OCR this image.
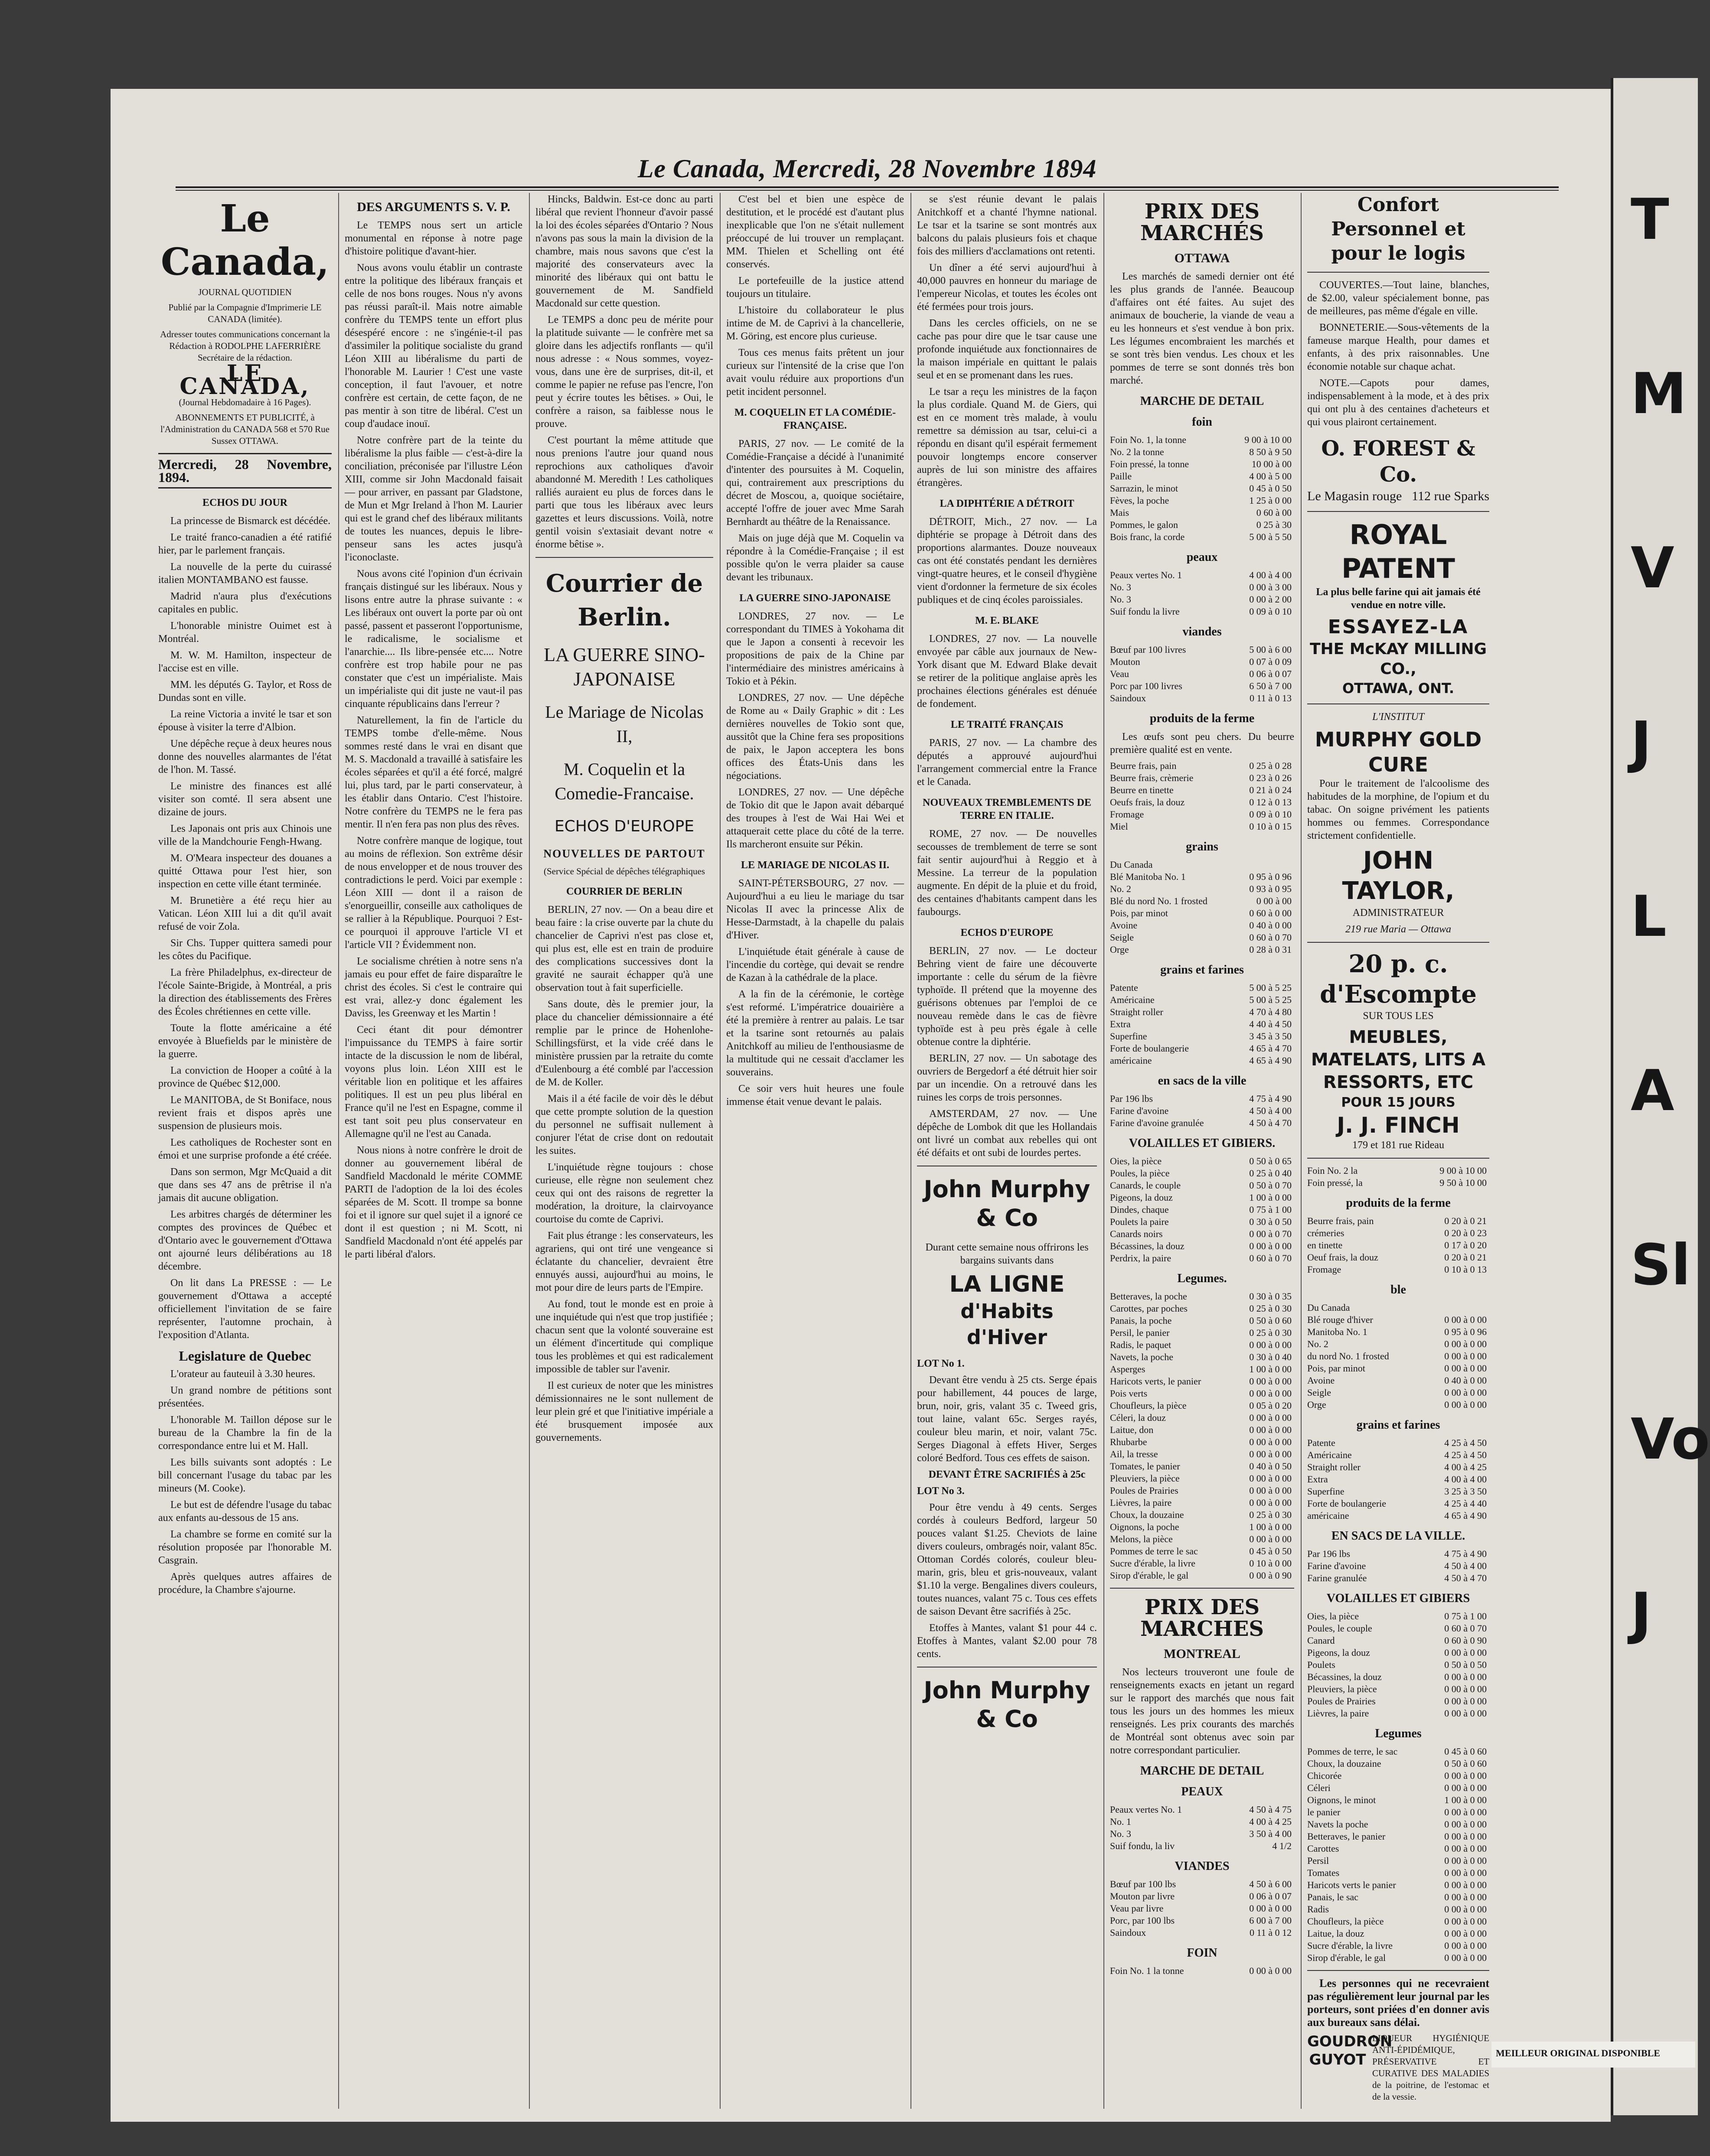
Le Canada, Mercredi, 28 Novembre 1894
Le Canada,

JOURNAL QUOTIDIEN

Publié par la Compagnie d'Imprimerie LE CANADA (limitée).

Adresser toutes communications concernant la Rédaction à RODOLPHE LAFERRIÈRE Secrétaire de la rédaction.

LE CANADA,

(Journal Hebdomadaire à 16 Pages).

ABONNEMENTS ET PUBLICITÉ, à l'Administration du CANADA 568 et 570 Rue Sussex OTTAWA.

Mercredi, 28 Novembre, 1894.
ECHOS DU JOUR

La princesse de Bismarck est décédée.

Le traité franco-canadien a été ratifié hier, par le parlement français.

La nouvelle de la perte du cuirassé italien MONTAMBANO est fausse.

Madrid n'aura plus d'exécutions capitales en public.

L'honorable ministre Ouimet est à Montréal.

M. W. M. Hamilton, inspecteur de l'accise est en ville.

MM. les députés G. Taylor, et Ross de Dundas sont en ville.

La reine Victoria a invité le tsar et son épouse à visiter la terre d'Albion.

Une dépêche reçue à deux heures nous donne des nouvelles alarmantes de l'état de l'hon. M. Tassé.

Le ministre des finances est allé visiter son comté. Il sera absent une dizaine de jours.

Les Japonais ont pris aux Chinois une ville de la Mandchourie Fengh-Hwang.

M. O'Meara inspecteur des douanes a quitté Ottawa pour l'est hier, son inspection en cette ville étant terminée.

M. Brunetière a été reçu hier au Vatican. Léon XIII lui a dit qu'il avait refusé de voir Zola.

Sir Chs. Tupper quittera samedi pour les côtes du Pacifique.

La frère Philadelphus, ex-directeur de l'école Sainte-Brigide, à Montréal, a pris la direction des établissements des Frères des Écoles chrétiennes en cette ville.

Toute la flotte américaine a été envoyée à Bluefields par le ministère de la guerre.

La conviction de Hooper a coûté à la province de Québec $12,000.

Le MANITOBA, de St Boniface, nous revient frais et dispos après une suspension de plusieurs mois.

Les catholiques de Rochester sont en émoi et une surprise profonde a été créée.

Dans son sermon, Mgr McQuaid a dit que dans ses 47 ans de prêtrise il n'a jamais dit aucune obligation.

Les arbitres chargés de déterminer les comptes des provinces de Québec et d'Ontario avec le gouvernement d'Ottawa ont ajourné leurs délibérations au 18 décembre.

On lit dans La PRESSE : — Le gouvernement d'Ottawa a accepté officiellement l'invitation de se faire représenter, l'automne prochain, à l'exposition d'Atlanta.

Legislature de Quebec

L'orateur au fauteuil à 3.30 heures.

Un grand nombre de pétitions sont présentées.

L'honorable M. Taillon dépose sur le bureau de la Chambre la fin de la correspondance entre lui et M. Hall.

Les bills suivants sont adoptés : Le bill concernant l'usage du tabac par les mineurs (M. Cooke).

Le but est de défendre l'usage du tabac aux enfants au-dessous de 15 ans.

La chambre se forme en comité sur la résolution proposée par l'honorable M. Casgrain.

Après quelques autres affaires de procédure, la Chambre s'ajourne.

DES ARGUMENTS S. V. P.

Le TEMPS nous sert un article monumental en réponse à notre page d'histoire politique d'avant-hier.

Nous avons voulu établir un contraste entre la politique des libéraux français et celle de nos bons rouges. Nous n'y avons pas réussi paraît-il. Mais notre aimable confrère du TEMPS tente un effort plus désespéré encore : ne s'ingénie-t-il pas d'assimiler la politique socialiste du grand Léon XIII au libéralisme du parti de l'honorable M. Laurier ! C'est une vaste conception, il faut l'avouer, et notre confrère est certain, de cette façon, de ne pas mentir à son titre de libéral. C'est un coup d'audace inouï.

Notre confrère part de la teinte du libéralisme la plus faible — c'est-à-dire la conciliation, préconisée par l'illustre Léon XIII, comme sir John Macdonald faisait — pour arriver, en passant par Gladstone, de Mun et Mgr Ireland à l'hon M. Laurier qui est le grand chef des libéraux militants de toutes les nuances, depuis le libre-penseur sans les actes jusqu'à l'iconoclaste.

Nous avons cité l'opinion d'un écrivain français distingué sur les libéraux. Nous y lisons entre autre la phrase suivante : « Les libéraux ont ouvert la porte par où ont passé, passent et passeront l'opportunisme, le radicalisme, le socialisme et l'anarchie.... Ils libre-pensée etc.... Notre confrère est trop habile pour ne pas constater que c'est un impérialiste. Mais un impérialiste qui dit juste ne vaut-il pas cinquante républicains dans l'erreur ?

Naturellement, la fin de l'article du TEMPS tombe d'elle-même. Nous sommes resté dans le vrai en disant que M. S. Macdonald a travaillé à satisfaire les écoles séparées et qu'il a été forcé, malgré lui, plus tard, par le parti conservateur, à les établir dans Ontario. C'est l'histoire. Notre confrère du TEMPS ne le fera pas mentir. Il n'en fera pas non plus des rêves.

Notre confrère manque de logique, tout au moins de réflexion. Son extrême désir de nous envelopper et de nous trouver des contradictions le perd. Voici par exemple : Léon XIII — dont il a raison de s'enorgueillir, conseille aux catholiques de se rallier à la République. Pourquoi ? Est-ce pourquoi il approuve l'article VI et l'article VII ? Évidemment non.

Le socialisme chrétien à notre sens n'a jamais eu pour effet de faire disparaître le christ des écoles. Si c'est le contraire qui est vrai, allez-y donc également les Daviss, les Greenway et les Martin !

Ceci étant dit pour démontrer l'impuissance du TEMPS à faire sortir intacte de la discussion le nom de libéral, voyons plus loin. Léon XIII est le véritable lion en politique et les affaires politiques. Il est un peu plus libéral en France qu'il ne l'est en Espagne, comme il est tant soit peu plus conservateur en Allemagne qu'il ne l'est au Canada.

Nous nions à notre confrère le droit de donner au gouvernement libéral de Sandfield Macdonald le mérite COMME PARTI de l'adoption de la loi des écoles séparées de M. Scott. Il trompe sa bonne foi et il ignore sur quel sujet il a ignoré ce dont il est question ; ni M. Scott, ni Sandfield Macdonald n'ont été appelés par le parti libéral d'alors.

Hincks, Baldwin. Est-ce donc au parti libéral que revient l'honneur d'avoir passé la loi des écoles séparées d'Ontario ? Nous n'avons pas sous la main la division de la chambre, mais nous savons que c'est la majorité des conservateurs avec la minorité des libéraux qui ont battu le gouvernement de M. Sandfield Macdonald sur cette question.

Le TEMPS a donc peu de mérite pour la platitude suivante — le confrère met sa gloire dans les adjectifs ronflants — qu'il nous adresse : « Nous sommes, voyez-vous, dans une ère de surprises, dit-il, et comme le papier ne refuse pas l'encre, l'on peut y écrire toutes les bêtises. » Oui, le confrère a raison, sa faiblesse nous le prouve.

C'est pourtant la même attitude que nous prenions l'autre jour quand nous reprochions aux catholiques d'avoir abandonné M. Meredith ! Les catholiques ralliés auraient eu plus de forces dans le parti que tous les libéraux avec leurs gazettes et leurs discussions. Voilà, notre gentil voisin s'extasiait devant notre « énorme bêtise ».

Courrier de Berlin.
LA GUERRE SINO-JAPONAISE
Le Mariage de Nicolas II,
M. Coquelin et la Comedie-Francaise.
ECHOS D'EUROPE
NOUVELLES DE PARTOUT

(Service Spécial de dépêches télégraphiques

COURRIER DE BERLIN

BERLIN, 27 nov. — On a beau dire et beau faire : la crise ouverte par la chute du chancelier de Caprivi n'est pas close et, qui plus est, elle est en train de produire des complications successives dont la gravité ne saurait échapper qu'à une observation tout à fait superficielle.

Sans doute, dès le premier jour, la place du chancelier démissionnaire a été remplie par le prince de Hohenlohe-Schillingsfürst, et la vide créé dans le ministère prussien par la retraite du comte d'Eulenbourg a été comblé par l'accession de M. de Koller.

Mais il a été facile de voir dès le début que cette prompte solution de la question du personnel ne suffisait nullement à conjurer l'état de crise dont on redoutait les suites.

L'inquiétude règne toujours : chose curieuse, elle règne non seulement chez ceux qui ont des raisons de regretter la modération, la droiture, la clairvoyance courtoise du comte de Caprivi.

Fait plus étrange : les conservateurs, les agrariens, qui ont tiré une vengeance si éclatante du chancelier, devraient être ennuyés aussi, aujourd'hui au moins, le mot pour dire de leurs parts de l'Empire.

Au fond, tout le monde est en proie à une inquiétude qui n'est que trop justifiée ; chacun sent que la volonté souveraine est un élément d'incertitude qui complique tous les problèmes et qui est radicalement impossible de tabler sur l'avenir.

Il est curieux de noter que les ministres démissionnaires ne le sont nullement de leur plein gré et que l'initiative impériale a été brusquement imposée aux gouvernements.

C'est bel et bien une espèce de destitution, et le procédé est d'autant plus inexplicable que l'on ne s'était nullement préoccupé de lui trouver un remplaçant. MM. Thielen et Schelling ont été conservés.

Le portefeuille de la justice attend toujours un titulaire.

L'histoire du collaborateur le plus intime de M. de Caprivi à la chancellerie, M. Göring, est encore plus curieuse.

Tous ces menus faits prêtent un jour curieux sur l'intensité de la crise que l'on avait voulu réduire aux proportions d'un petit incident personnel.

M. COQUELIN ET LA COMÉDIE-FRANÇAISE.

PARIS, 27 nov. — Le comité de la Comédie-Française a décidé à l'unanimité d'intenter des poursuites à M. Coquelin, qui, contrairement aux prescriptions du décret de Moscou, a, quoique sociétaire, accepté l'offre de jouer avec Mme Sarah Bernhardt au théâtre de la Renaissance.

Mais on juge déjà que M. Coquelin va répondre à la Comédie-Française ; il est possible qu'on le verra plaider sa cause devant les tribunaux.

LA GUERRE SINO-JAPONAISE

LONDRES, 27 nov. — Le correspondant du TIMES à Yokohama dit que le Japon a consenti à recevoir les propositions de paix de la Chine par l'intermédiaire des ministres américains à Tokio et à Pékin.

LONDRES, 27 nov. — Une dépêche de Rome au « Daily Graphic » dit : Les dernières nouvelles de Tokio sont que, aussitôt que la Chine fera ses propositions de paix, le Japon acceptera les bons offices des États-Unis dans les négociations.

LONDRES, 27 nov. — Une dépêche de Tokio dit que le Japon avait débarqué des troupes à l'est de Wai Hai Wei et attaquerait cette place du côté de la terre. Ils marcheront ensuite sur Pékin.

LE MARIAGE DE NICOLAS II.

SAINT-PÉTERSBOURG, 27 nov. — Aujourd'hui a eu lieu le mariage du tsar Nicolas II avec la princesse Alix de Hesse-Darmstadt, à la chapelle du palais d'Hiver.

L'inquiétude était générale à cause de l'incendie du cortège, qui devait se rendre de Kazan à la cathédrale de la place.

A la fin de la cérémonie, le cortège s'est reformé. L'impératrice douairière a été la première à rentrer au palais. Le tsar et la tsarine sont retournés au palais Anitchkoff au milieu de l'enthousiasme de la multitude qui ne cessait d'acclamer les souverains.

Ce soir vers huit heures une foule immense était venue devant le palais.

se s'est réunie devant le palais Anitchkoff et a chanté l'hymne national. Le tsar et la tsarine se sont montrés aux balcons du palais plusieurs fois et chaque fois des milliers d'acclamations ont retenti.

Un dîner a été servi aujourd'hui à 40,000 pauvres en honneur du mariage de l'empereur Nicolas, et toutes les écoles ont été fermées pour trois jours.

Dans les cercles officiels, on ne se cache pas pour dire que le tsar cause une profonde inquiétude aux fonctionnaires de la maison impériale en quittant le palais seul et en se promenant dans les rues.

Le tsar a reçu les ministres de la façon la plus cordiale. Quand M. de Giers, qui est en ce moment très malade, à voulu remettre sa démission au tsar, celui-ci a répondu en disant qu'il espérait fermement pouvoir longtemps encore conserver auprès de lui son ministre des affaires étrangères.

LA DIPHTÉRIE A DÉTROIT

DÉTROIT, Mich., 27 nov. — La diphtérie se propage à Détroit dans des proportions alarmantes. Douze nouveaux cas ont été constatés pendant les dernières vingt-quatre heures, et le conseil d'hygiène vient d'ordonner la fermeture de six écoles publiques et de cinq écoles paroissiales.

M. E. BLAKE

LONDRES, 27 nov. — La nouvelle envoyée par câble aux journaux de New-York disant que M. Edward Blake devait se retirer de la politique anglaise après les prochaines élections générales est dénuée de fondement.

LE TRAITÉ FRANÇAIS

PARIS, 27 nov. — La chambre des députés a approuvé aujourd'hui l'arrangement commercial entre la France et le Canada.

NOUVEAUX TREMBLEMENTS DE TERRE EN ITALIE.

ROME, 27 nov. — De nouvelles secousses de tremblement de terre se sont fait sentir aujourd'hui à Reggio et à Messine. La terreur de la population augmente. En dépit de la pluie et du froid, des centaines d'habitants campent dans les faubourgs.

ECHOS D'EUROPE

BERLIN, 27 nov. — Le docteur Behring vient de faire une découverte importante : celle du sérum de la fièvre typhoïde. Il prétend que la moyenne des guérisons obtenues par l'emploi de ce nouveau remède dans le cas de fièvre typhoïde est à peu près égale à celle obtenue contre la diphtérie.

BERLIN, 27 nov. — Un sabotage des ouvriers de Bergedorf a été détruit hier soir par un incendie. On a retrouvé dans les ruines les corps de trois personnes.

AMSTERDAM, 27 nov. — Une dépêche de Lombok dit que les Hollandais ont livré un combat aux rebelles qui ont été défaits et ont subi de lourdes pertes.

John Murphy & Co

Durant cette semaine nous offrirons les bargains suivants dans

LA LIGNE
d'Habits d'Hiver

LOT No 1.

Devant être vendu à 25 cts. Serge épais pour habillement, 44 pouces de large, brun, noir, gris, valant 35 c. Tweed gris, tout laine, valant 65c. Serges rayés, couleur bleu marin, et noir, valant 75c. Serges Diagonal à effets Hiver, Serges coloré Bedford. Tous ces effets de saison.

DEVANT ÊTRE SACRIFIÉS à 25c

LOT No 3.

Pour être vendu à 49 cents. Serges cordés à couleurs Bedford, largeur 50 pouces valant $1.25. Cheviots de laine divers couleurs, ombragés noir, valant 85c. Ottoman Cordés colorés, couleur bleu-marin, gris, bleu et gris-nouveaux, valant $1.10 la verge. Bengalines divers couleurs, toutes nuances, valant 75 c. Tous ces effets de saison Devant être sacrifiés à 25c.

Etoffes à Mantes, valant $1 pour 44 c. Etoffes à Mantes, valant $2.00 pour 78 cents.

John Murphy & Co
PRIX DES MARCHÉS
OTTAWA

Les marchés de samedi dernier ont été les plus grands de l'année. Beaucoup d'affaires ont été faites. Au sujet des animaux de boucherie, la viande de veau a eu les honneurs et s'est vendue à bon prix. Les légumes encombraient les marchés et se sont très bien vendus. Les choux et les pommes de terre se sont donnés très bon marché.

MARCHE DE DETAIL
foin
Foin No. 1, la tonne	9 00 à 10 00
No. 2 la tonne	8 50 à 9 50
Foin pressé, la tonne	10 00 à 00
Paille	4 00 à 5 00
Sarrazin, le minot	0 45 à 0 50
Fèves, la poche	1 25 à 0 00
Mais	0 60 à 00
Pommes, le galon	0 25 à 30
Bois franc, la corde	5 00 à 5 50
peaux
Peaux vertes No. 1	4 00 à 4 00
No. 3	0 00 à 3 00
No. 3	0 00 à 2 00
Suif fondu la livre	0 09 à 0 10
viandes
Bœuf par 100 livres	5 00 à 6 00
Mouton	0 07 à 0 09
Veau	0 06 à 0 07
Porc par 100 livres	6 50 à 7 00
Saindoux	0 11 à 0 13
produits de la ferme

Les œufs sont peu chers. Du beurre première qualité est en vente.

Beurre frais, pain	0 25 à 0 28
Beurre frais, crèmerie	0 23 à 0 26
Beurre en tinette	0 21 à 0 24
Oeufs frais, la douz	0 12 à 0 13
Fromage	0 09 à 0 10
Miel	0 10 à 0 15
grains
Du Canada
Blé Manitoba No. 1	0 95 à 0 96
No. 2	0 93 à 0 95
Blé du nord No. 1 frosted	0 00 à 00
Pois, par minot	0 60 à 0 00
Avoine	0 40 à 0 00
Seigle	0 60 à 0 70
Orge	0 28 à 0 31
grains et farines
Patente	5 00 à 5 25
Américaine	5 00 à 5 25
Straight roller	4 70 à 4 80
Extra	4 40 à 4 50
Superfine	3 45 à 3 50
Forte de boulangerie	4 65 à 4 70
américaine	4 65 à 4 90
en sacs de la ville
Par 196 lbs	4 75 à 4 90
Farine d'avoine	4 50 à 4 00
Farine d'avoine granulée	4 50 à 4 70
VOLAILLES ET GIBIERS.
Oies, la pièce	0 50 à 0 65
Poules, la pièce	0 25 à 0 40
Canards, le couple	0 50 à 0 70
Pigeons, la douz	1 00 à 0 00
Dindes, chaque	0 75 à 1 00
Poulets la paire	0 30 à 0 50
Canards noirs	0 00 à 0 70
Bécassines, la douz	0 00 à 0 00
Perdrix, la paire	0 60 à 0 70
Legumes.
Betteraves, la poche	0 30 à 0 35
Carottes, par poches	0 25 à 0 30
Panais, la poche	0 50 à 0 60
Persil, le panier	0 25 à 0 30
Radis, le paquet	0 00 à 0 00
Navets, la poche	0 30 à 0 40
Asperges	1 00 à 0 00
Haricots verts, le panier	0 00 à 0 00
Pois verts	0 00 à 0 00
Choufleurs, la pièce	0 05 à 0 20
Céleri, la douz	0 00 à 0 00
Laitue, don	0 00 à 0 00
Rhubarbe	0 00 à 0 00
Ail, la tresse	0 00 à 0 00
Tomates, le panier	0 40 à 0 50
Pleuviers, la pièce	0 00 à 0 00
Poules de Prairies	0 00 à 0 00
Lièvres, la paire	0 00 à 0 00
Choux, la douzaine	0 25 à 0 30
Oignons, la poche	1 00 à 0 00
Melons, la pièce	0 00 à 0 00
Pommes de terre le sac	0 45 à 0 50
Sucre d'érable, la livre	0 10 à 0 00
Sirop d'érable, le gal	0 00 à 0 90
PRIX DES MARCHES
MONTREAL

Nos lecteurs trouveront une foule de renseignements exacts en jetant un regard sur le rapport des marchés que nous fait tous les jours un des hommes les mieux renseignés. Les prix courants des marchés de Montréal sont obtenus avec soin par notre correspondant particulier.

MARCHE DE DETAIL
PEAUX
Peaux vertes No. 1	4 50 à 4 75
No. 1	4 00 à 4 25
No. 3	3 50 à 4 00
Suif fondu, la liv	4 1/2
VIANDES
Bœuf par 100 lbs	4 50 à 6 00
Mouton par livre	0 06 à 0 07
Veau par livre	0 00 à 0 00
Porc, par 100 lbs	6 00 à 7 00
Saindoux	0 11 à 0 12
FOIN
Foin No. 1 la tonne	0 00 à 0 00
Confort Personnel et pour le logis

COUVERTES.—Tout laine, blanches, de $2.00, valeur spécialement bonne, pas de meilleures, pas même d'égale en ville.

BONNETERIE.—Sous-vêtements de la fameuse marque Health, pour dames et enfants, à des prix raisonnables. Une économie notable sur chaque achat.

NOTE.—Capots pour dames, indispensablement à la mode, et à des prix qui ont plu à des centaines d'acheteurs et qui vous plairont certainement.

O. FOREST & Co.
Le Magasin rouge 112 rue Sparks
ROYAL PATENT

La plus belle farine qui ait jamais été vendue en notre ville.

ESSAYEZ-LA
THE McKAY MILLING CO.,
OTTAWA, ONT.

L'INSTITUT

MURPHY GOLD CURE

Pour le traitement de l'alcoolisme des habitudes de la morphine, de l'opium et du tabac. On soigne privément les patients hommes ou femmes. Correspondance strictement confidentielle.

JOHN TAYLOR,

ADMINISTRATEUR

219 rue Maria — Ottawa

20 p. c. d'Escompte

SUR TOUS LES

MEUBLES, MATELATS, LITS A RESSORTS, ETC
POUR 15 JOURS
J. J. FINCH

179 et 181 rue Rideau

Foin No. 2 la	9 00 à 10 00
Foin pressé, la	9 50 à 10 00
produits de la ferme
Beurre frais, pain	0 20 à 0 21
crémeries	0 20 à 0 23
en tinette	0 17 à 0 20
Oeuf frais, la douz	0 20 à 0 21
Fromage	0 10 à 0 13
ble
Du Canada
Blé rouge d'hiver	0 00 à 0 00
Manitoba No. 1	0 95 à 0 96
No. 2	0 00 à 0 00
du nord No. 1 frosted	0 00 à 0 00
Pois, par minot	0 00 à 0 00
Avoine	0 40 à 0 00
Seigle	0 00 à 0 00
Orge	0 00 à 0 00
grains et farines
Patente	4 25 à 4 50
Américaine	4 25 à 4 50
Straight roller	4 00 à 4 25
Extra	4 00 à 4 00
Superfine	3 25 à 3 50
Forte de boulangerie	4 25 à 4 40
américaine	4 65 à 4 90
EN SACS DE LA VILLE.
Par 196 lbs	4 75 à 4 90
Farine d'avoine	4 50 à 4 00
Farine granulée	4 50 à 4 70
VOLAILLES ET GIBIERS
Oies, la pièce	0 75 à 1 00
Poules, le couple	0 60 à 0 70
Canard	0 60 à 0 90
Pigeons, la douz	0 00 à 0 00
Poulets	0 50 à 0 50
Bécassines, la douz	0 00 à 0 00
Pleuviers, la pièce	0 00 à 0 00
Poules de Prairies	0 00 à 0 00
Lièvres, la paire	0 00 à 0 00
Legumes
Pommes de terre, le sac	0 45 à 0 60
Choux, la douzaine	0 50 à 0 60
Chicorée	0 00 à 0 00
Céleri	0 00 à 0 00
Oignons, le minot	1 00 à 0 00
le panier	0 00 à 0 00
Navets la poche	0 00 à 0 00
Betteraves, le panier	0 00 à 0 00
Carottes	0 00 à 0 00
Persil	0 00 à 0 00
Tomates	0 00 à 0 00
Haricots verts le panier	0 00 à 0 00
Panais, le sac	0 00 à 0 00
Radis	0 00 à 0 00
Choufleurs, la pièce	0 00 à 0 00
Laitue, la douz	0 00 à 0 00
Sucre d'érable, la livre	0 00 à 0 00
Sirop d'érable, le gal	0 00 à 0 00

Les personnes qui ne recevraient pas régulièrement leur journal par les porteurs, sont priées d'en donner avis aux bureaux sans délai.

GOUDRON GUYOT

LIQUEUR HYGIÉNIQUE ANTI-ÉPIDÉMIQUE, PRÉSERVATIVE ET CURATIVE DES MALADIES de la poitrine, de l'estomac et de la vessie.

T
M
V
J
L
A
Sl
Vo
J
MEILLEUR ORIGINAL DISPONIBLE
